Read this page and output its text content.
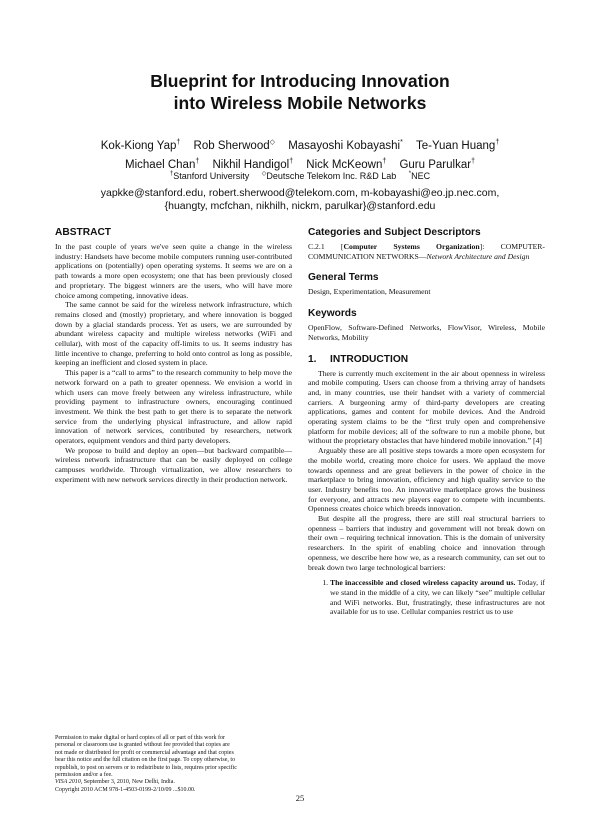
Blueprint for Introducing Innovation
into Wireless Mobile Networks
Kok-Kiong Yap† Rob Sherwood◇ Masayoshi Kobayashi* Te-Yuan Huang†
Michael Chan† Nikhil Handigol† Nick McKeown† Guru Parulkar†
†Stanford University ◇Deutsche Telekom Inc. R&D Lab *NEC
yapkke@stanford.edu, robert.sherwood@telekom.com, m-kobayashi@eo.jp.nec.com,
{huangty, mcfchan, nikhilh, nickm, parulkar}@stanford.edu
ABSTRACT

In the past couple of years we've seen quite a change in the wireless industry: Handsets have become mobile computers running user-contributed applications on (potentially) open operating systems. It seems we are on a path towards a more open ecosystem; one that has been previously closed and proprietary. The biggest winners are the users, who will have more choice among competing, innovative ideas.

The same cannot be said for the wireless network infrastructure, which remains closed and (mostly) proprietary, and where innovation is bogged down by a glacial standards process. Yet as users, we are surrounded by abundant wireless capacity and multiple wireless networks (WiFi and cellular), with most of the capacity off-limits to us. It seems industry has little incentive to change, preferring to hold onto control as long as possible, keeping an inefficient and closed system in place.

This paper is a “call to arms” to the research community to help move the network forward on a path to greater openness. We envision a world in which users can move freely between any wireless infrastructure, while providing payment to infrastructure owners, encouraging continued investment. We think the best path to get there is to separate the network service from the underlying physical infrastructure, and allow rapid innovation of network services, contributed by researchers, network operators, equipment vendors and third party developers.

We propose to build and deploy an open—but backward compatible—wireless network infrastructure that can be easily deployed on college campuses worldwide. Through virtualization, we allow researchers to experiment with new network services directly in their production network.

Permission to make digital or hard copies of all or part of this work for
personal or classroom use is granted without fee provided that copies are
not made or distributed for profit or commercial advantage and that copies
bear this notice and the full citation on the first page. To copy otherwise, to
republish, to post on servers or to redistribute to lists, requires prior specific
permission and/or a fee.
VISA 2010, September 3, 2010, New Delhi, India.
Copyright 2010 ACM 978-1-4503-0199-2/10/09 ...$10.00.
Categories and Subject Descriptors

C.2.1 [Computer Systems Organization]: COMPUTER-COMMUNICATION NETWORKS—Network Architecture and Design

General Terms

Design, Experimentation, Measurement

Keywords

OpenFlow, Software-Defined Networks, FlowVisor, Wireless, Mobile Networks, Mobility

1. INTRODUCTION

There is currently much excitement in the air about openness in wireless and mobile computing. Users can choose from a thriving array of handsets and, in many countries, use their handset with a variety of commercial carriers. A burgeoning army of third-party developers are creating applications, games and content for mobile devices. And the Android operating system claims to be the “first truly open and comprehensive platform for mobile devices; all of the software to run a mobile phone, but without the proprietary obstacles that have hindered mobile innovation.” [4]

Arguably these are all positive steps towards a more open ecosystem for the mobile world, creating more choice for users. We applaud the move towards openness and are great believers in the power of choice in the marketplace to bring innovation, efficiency and high quality service to the user. Industry benefits too. An innovative marketplace grows the business for everyone, and attracts new players eager to compete with incumbents. Openness creates choice which breeds innovation.

But despite all the progress, there are still real structural barriers to openness – barriers that industry and government will not break down on their own – requiring technical innovation. This is the domain of university researchers. In the spirit of enabling choice and innovation through openness, we describe here how we, as a research community, can set out to break down two large technological barriers:

1. The inaccessible and closed wireless capacity around us. Today, if we stand in the middle of a city, we can likely “see” multiple cellular and WiFi networks. But, frustratingly, these infrastructures are not available for us to use. Cellular companies restrict us to use
25
